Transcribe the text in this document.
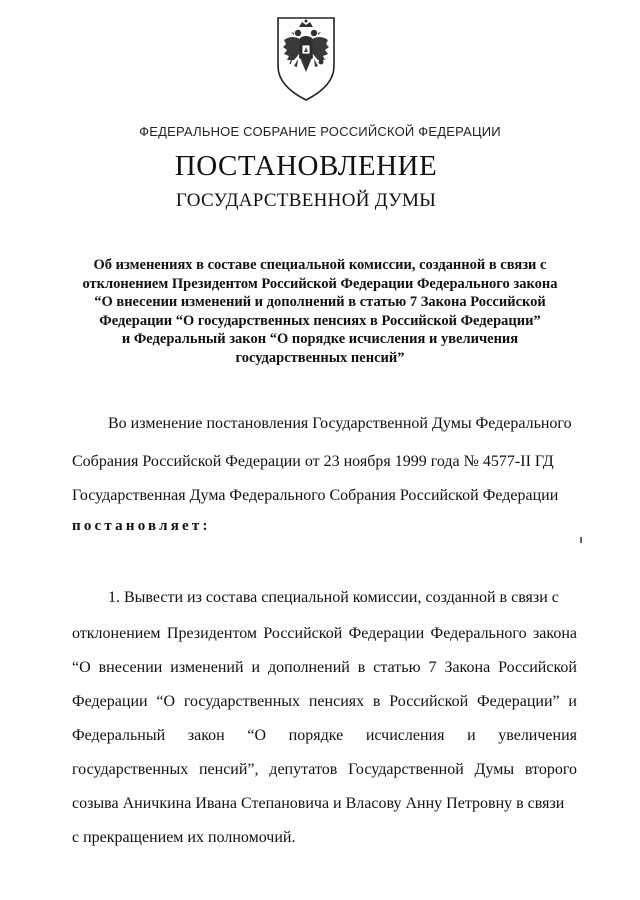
ФЕДЕРАЛЬНОЕ СОБРАНИЕ РОССИЙСКОЙ ФЕДЕРАЦИИ
ПОСТАНОВЛЕНИЕ
ГОСУДАРСТВЕННОЙ ДУМЫ
Об изменениях в составе специальной комиссии, созданной в связи с
отклонением Президентом Российской Федерации Федерального закона
“О внесении изменений и дополнений в статью 7 Закона Российской
Федерации “О государственных пенсиях в Российской Федерации”
и Федеральный закон “О порядке исчисления и увеличения
государственных пенсий”
Во изменение постановления Государственной Думы Федерального
Собрания Российской Федерации от 23 ноября 1999 года № 4577-II ГД
Государственная Дума Федерального Собрания Российской Федерации
постановляет:
1. Вывести из состава специальной комиссии, созданной в связи с
отклонением Президентом Российской Федерации Федерального закона
“О внесении изменений и дополнений в статью 7 Закона Российской
Федерации “О государственных пенсиях в Российской Федерации” и
Федеральный закон “О порядке исчисления и увеличения
государственных пенсий”, депутатов Государственной Думы второго
созыва Аничкина Ивана Степановича и Власову Анну Петровну в связи
с прекращением их полномочий.
